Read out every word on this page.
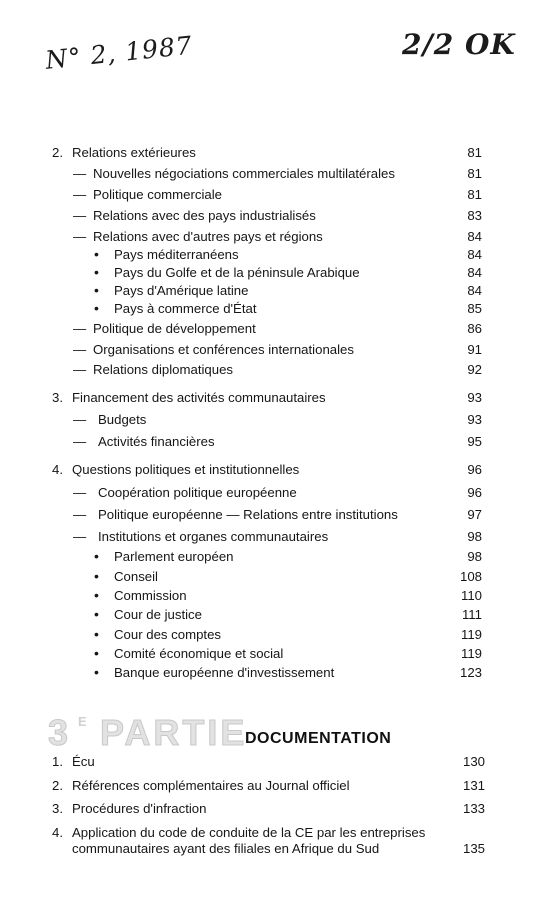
N° 2, 1987	2/2 OK
2. Relations extérieures	81
— Nouvelles négociations commerciales multilatérales	81
— Politique commerciale	81
— Relations avec des pays industrialisés	83
— Relations avec d'autres pays et régions	84
• Pays méditerranéens	84
• Pays du Golfe et de la péninsule Arabique	84
• Pays d'Amérique latine	84
• Pays à commerce d'État	85
— Politique de développement	86
— Organisations et conférences internationales	91
— Relations diplomatiques	92
3. Financement des activités communautaires	93
— Budgets	93
— Activités financières	95
4. Questions politiques et institutionnelles	96
— Coopération politique européenne	96
— Politique européenne — Relations entre institutions	97
— Institutions et organes communautaires	98
• Parlement européen	98
• Conseil	108
• Commission	110
• Cour de justice	111
• Cour des comptes	119
• Comité économique et social	119
• Banque européenne d'investissement	123
3 E PARTIE
DOCUMENTATION
1. Écu	130
2. Références complémentaires au Journal officiel	131
3. Procédures d'infraction	133
4. Application du code de conduite de la CE par les entreprises
communautaires ayant des filiales en Afrique du Sud	135
